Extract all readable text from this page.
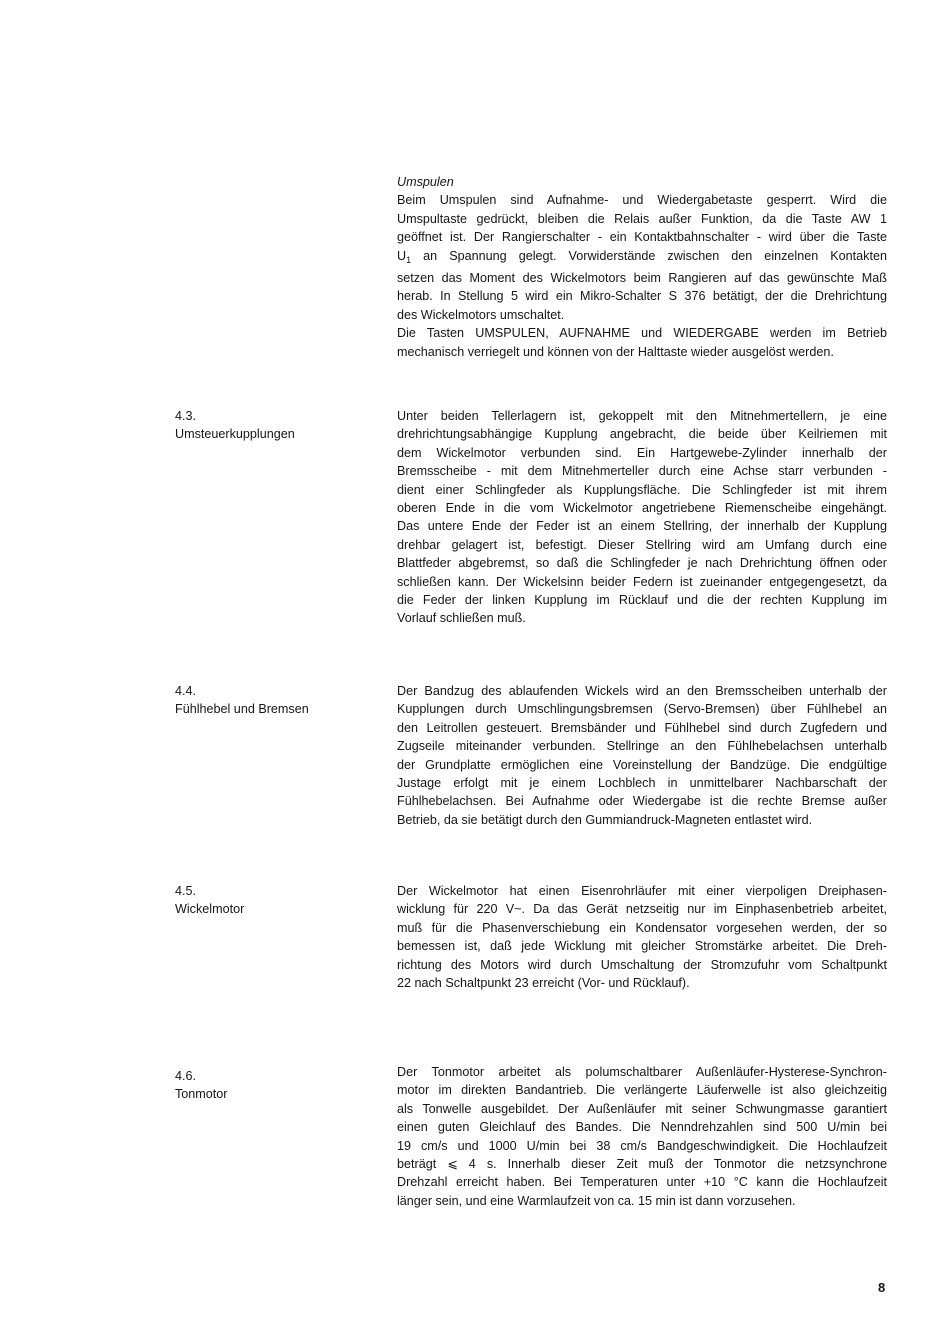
Umspulen
Beim Umspulen sind Aufnahme- und Wiedergabetaste gesperrt. Wird die
Umspultaste gedrückt, bleiben die Relais außer Funktion, da die Taste AW 1
geöffnet ist. Der Rangierschalter - ein Kontaktbahnschalter - wird über die Taste
$U_1$ an Spannung gelegt. Vorwiderstände zwischen den einzelnen Kontakten
setzen das Moment des Wickelmotors beim Rangieren auf das gewünschte Maß
herab. In Stellung 5 wird ein Mikro-Schalter S 376 betätigt, der die Drehrichtung
des Wickelmotors umschaltet.
Die Tasten UMSPULEN, AUFNAHME und WIEDERGABE werden im Betrieb
mechanisch verriegelt und können von der Halttaste wieder ausgelöst werden.
4.3.
Umsteuerkupplungen
Unter beiden Tellerlagern ist, gekoppelt mit den Mitnehmertellern, je eine
drehrichtungsabhängige Kupplung angebracht, die beide über Keilriemen mit
dem Wickelmotor verbunden sind. Ein Hartgewebe-Zylinder innerhalb der
Bremsscheibe - mit dem Mitnehmerteller durch eine Achse starr verbunden -
dient einer Schlingfeder als Kupplungsfläche. Die Schlingfeder ist mit ihrem
oberen Ende in die vom Wickelmotor angetriebene Riemenscheibe eingehängt.
Das untere Ende der Feder ist an einem Stellring, der innerhalb der Kupplung
drehbar gelagert ist, befestigt. Dieser Stellring wird am Umfang durch eine
Blattfeder abgebremst, so daß die Schlingfeder je nach Drehrichtung öffnen oder
schließen kann. Der Wickelsinn beider Federn ist zueinander entgegengesetzt, da
die Feder der linken Kupplung im Rücklauf und die der rechten Kupplung im
Vorlauf schließen muß.
4.4.
Fühlhebel und Bremsen
Der Bandzug des ablaufenden Wickels wird an den Bremsscheiben unterhalb der
Kupplungen durch Umschlingungsbremsen (Servo-Bremsen) über Fühlhebel an
den Leitrollen gesteuert. Bremsbänder und Fühlhebel sind durch Zugfedern und
Zugseile miteinander verbunden. Stellringe an den Fühlhebelachsen unterhalb
der Grundplatte ermöglichen eine Voreinstellung der Bandzüge. Die endgültige
Justage erfolgt mit je einem Lochblech in unmittelbarer Nachbarschaft der
Fühlhebelachsen. Bei Aufnahme oder Wiedergabe ist die rechte Bremse außer
Betrieb, da sie betätigt durch den Gummiandruck-Magneten entlastet wird.
4.5.
Wickelmotor
Der Wickelmotor hat einen Eisenrohrläufer mit einer vierpoligen Dreiphasen-
wicklung für 220 V~. Da das Gerät netzseitig nur im Einphasenbetrieb arbeitet,
muß für die Phasenverschiebung ein Kondensator vorgesehen werden, der so
bemessen ist, daß jede Wicklung mit gleicher Stromstärke arbeitet. Die Dreh-
richtung des Motors wird durch Umschaltung der Stromzufuhr vom Schaltpunkt
22 nach Schaltpunkt 23 erreicht (Vor- und Rücklauf).
4.6.
Tonmotor
Der Tonmotor arbeitet als polumschaltbarer Außenläufer-Hysterese-Synchron-
motor im direkten Bandantrieb. Die verlängerte Läuferwelle ist also gleichzeitig
als Tonwelle ausgebildet. Der Außenläufer mit seiner Schwungmasse garantiert
einen guten Gleichlauf des Bandes. Die Nenndrehzahlen sind 500 U/min bei
19 cm/s und 1000 U/min bei 38 cm/s Bandgeschwindigkeit. Die Hochlaufzeit
beträgt ⩽ 4 s. Innerhalb dieser Zeit muß der Tonmotor die netzsynchrone
Drehzahl erreicht haben. Bei Temperaturen unter +10 °C kann die Hochlaufzeit
länger sein, und eine Warmlaufzeit von ca. 15 min ist dann vorzusehen.
8
